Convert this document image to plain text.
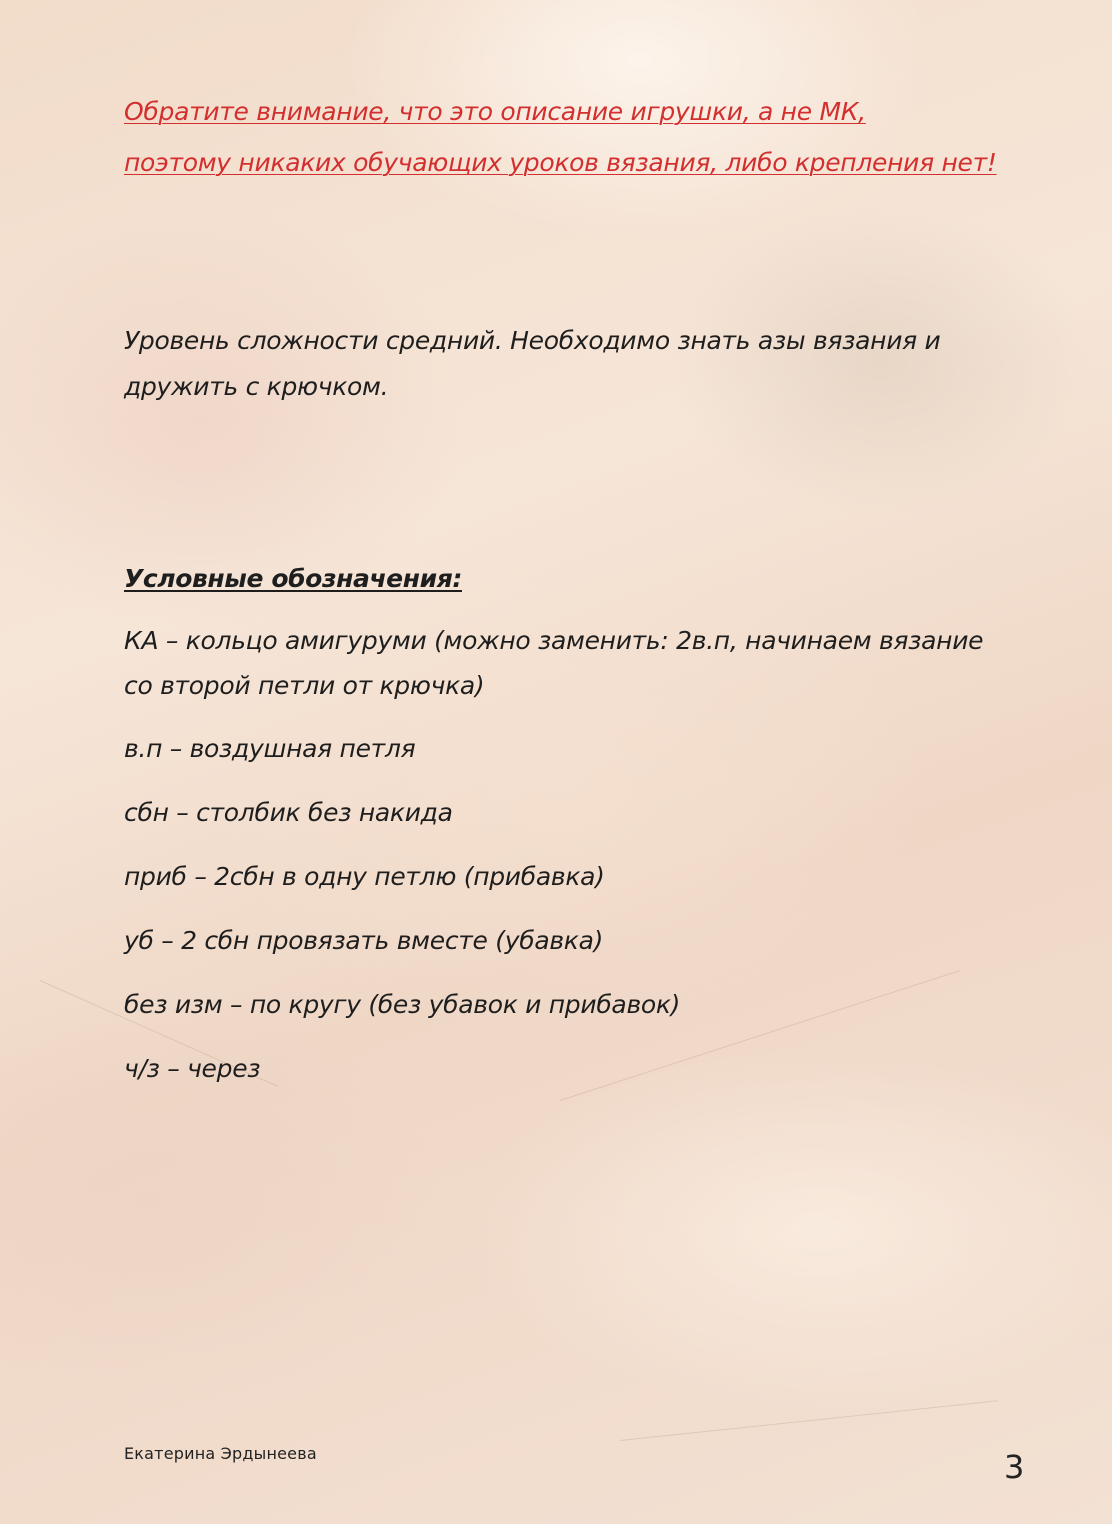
Обратите внимание, что это описание игрушки, а не МК,
поэтому никаких обучающих уроков вязания, либо крепления нет!

Уровень сложности средний. Необходимо знать азы вязания и
дружить с крючком.

Условные обозначения:
КА – кольцо амигуруми (можно заменить: 2в.п, начинаем вязание
со второй петли от крючка)
в.п – воздушная петля
сбн – столбик без накида
приб – 2сбн в одну петлю (прибавка)
уб – 2 сбн провязать вместе (убавка)
без изм – по кругу (без убавок и прибавок)
ч/з – через

Екатерина Эрдынеева	3
